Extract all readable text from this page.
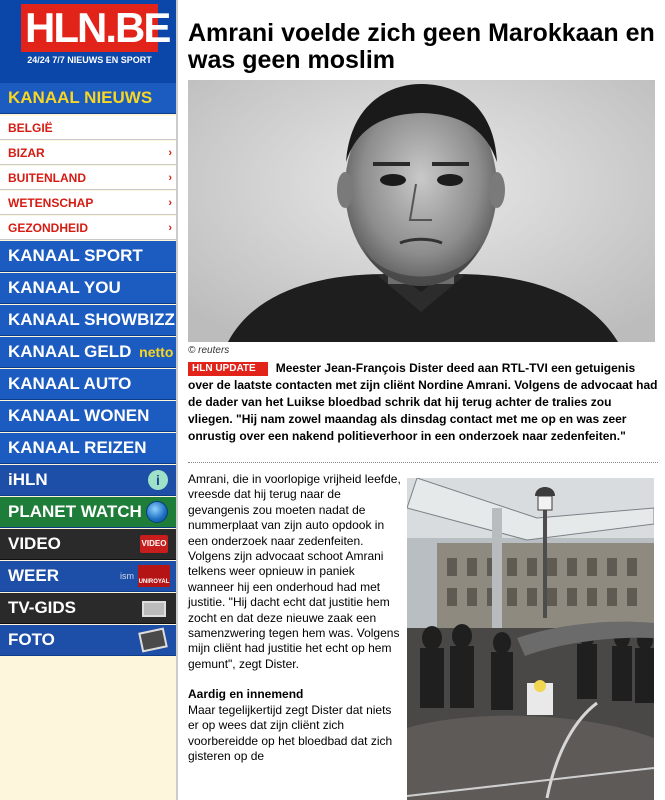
HLN.BE
24/24 7/7 NIEUWS EN SPORT
KANAAL NIEUWS
BELGIË
BIZAR	›
BUITENLAND	›
WETENSCHAP	›
GEZONDHEID	›
KANAAL SPORT
KANAAL YOU
KANAAL SHOWBIZZ
KANAAL GELD netto
KANAAL AUTO
KANAAL WONEN
KANAAL REIZEN
iHLN	i
PLANET WATCH
VIDEO	VIDEO
WEER	ism
UNIROYAL
TV-GIDS
FOTO
Amrani voelde zich geen Marokkaan en was geen moslim
© reuters
HLN UPDATE Meester Jean-François Dister deed aan RTL-TVI een getuigenis over de laatste contacten met zijn cliënt Nordine Amrani. Volgens de advocaat had de dader van het Luikse bloedbad schrik dat hij terug achter de tralies zou vliegen. "Hij nam zowel maandag als dinsdag contact met me op en was zeer onrustig over een nakend politieverhoor in een onderzoek naar zedenfeiten."

Amrani, die in voorlopige vrijheid leefde, vreesde dat hij terug naar de gevangenis zou moeten nadat de nummerplaat van zijn auto opdook in een onderzoek naar zedenfeiten. Volgens zijn advocaat schoot Amrani telkens weer opnieuw in paniek wanneer hij een onderhoud had met justitie. "Hij dacht echt dat justitie hem zocht en dat deze nieuwe zaak een samenzwering tegen hem was. Volgens mijn cliënt had justitie het echt op hem gemunt", zegt Dister.

Aardig en innemend

Maar tegelijkertijd zegt Dister dat niets er op wees dat zijn cliënt zich voorbereidde op het bloedbad dat zich gisteren op de
